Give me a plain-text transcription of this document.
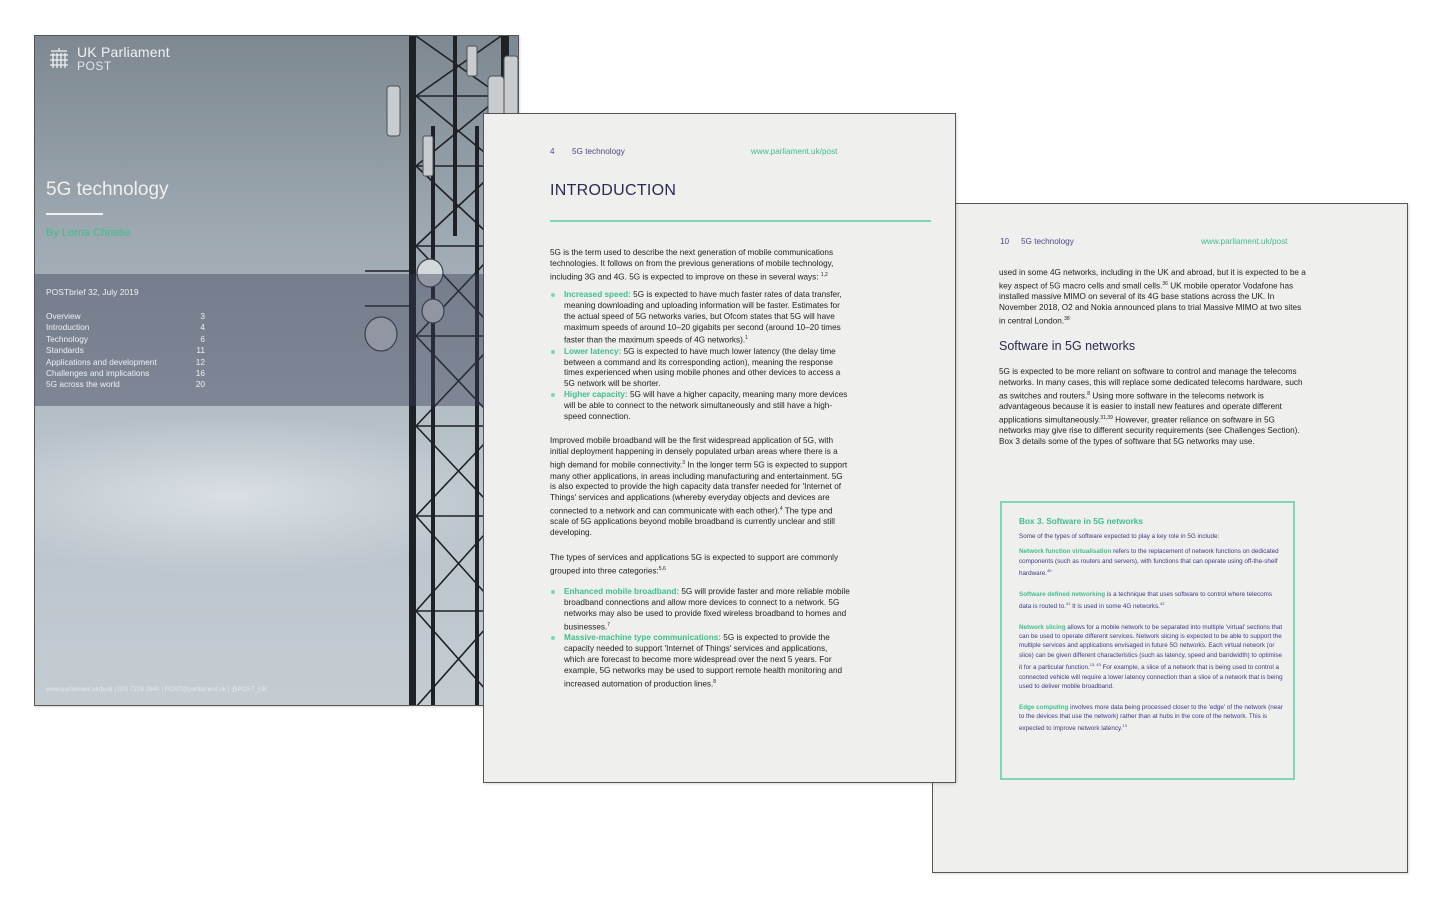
UK Parliament
POST
5G technology
By Lorna Christie
POSTbrief 32, July 2019
Overview	3
Introduction	4
Technology	6
Standards	11
Applications and development	12
Challenges and implications	16
5G across the world	20
www.parliament.uk/post | 020 7219 2840 | POST@parliament.uk | @POST_UK
10 5G technology	www.parliament.uk/post

used in some 4G networks, including in the UK and abroad, but it is expected to be a key aspect of 5G macro cells and small cells.$^{36}$ UK mobile operator Vodafone has installed massive MIMO on several of its 4G base stations across the UK. In November 2018, O2 and Nokia announced plans to trial Massive MIMO at two sites in central London.$^{38}$

Software in 5G networks

5G is expected to be more reliant on software to control and manage the telecoms networks. In many cases, this will replace some dedicated telecoms hardware, such as switches and routers.$^8$ Using more software in the telecoms network is advantageous because it is easier to install new features and operate different applications simultaneously.$^{31,39}$ However, greater reliance on software in 5G networks may give rise to different security requirements (see Challenges Section). Box 3 details some of the types of software that 5G networks may use.

Box 3. Software in 5G networks

Some of the types of software expected to play a key role in 5G include:

Network function virtualisation refers to the replacement of network functions on dedicated components (such as routers and servers), with functions that can operate using off-the-shelf hardware.$^{40}$

Software defined networking is a technique that uses software to control where telecoms data is routed to.$^{41}$ It is used in some 4G networks.$^{42}$

Network slicing allows for a mobile network to be separated into multiple 'virtual' sections that can be used to operate different services. Network slicing is expected to be able to support the multiple services and applications envisaged in future 5G networks. Each virtual network (or slice) can be given different characteristics (such as latency, speed and bandwidth) to optimise it for a particular function.$^{13, 43}$ For example, a slice of a network that is being used to control a connected vehicle will require a lower latency connection than a slice of a network that is being used to deliver mobile broadband.

Edge computing involves more data being processed closer to the 'edge' of the network (near to the devices that use the network) rather than at hubs in the core of the network. This is expected to improve network latency.$^{13}$

4 5G technology	www.parliament.uk/post
INTRODUCTION

5G is the term used to describe the next generation of mobile communications technologies. It follows on from the previous generations of mobile technology, including 3G and 4G. 5G is expected to improve on these in several ways: $^{1,2}$

Increased speed: 5G is expected to have much faster rates of data transfer, meaning downloading and uploading information will be faster. Estimates for the actual speed of 5G networks varies, but Ofcom states that 5G will have maximum speeds of around 10–20 gigabits per second (around 10–20 times faster than the maximum speeds of 4G networks).$^1$

Lower latency: 5G is expected to have much lower latency (the delay time between a command and its corresponding action), meaning the response times experienced when using mobile phones and other devices to access a 5G network will be shorter.

Higher capacity: 5G will have a higher capacity, meaning many more devices will be able to connect to the network simultaneously and still have a high-speed connection.

Improved mobile broadband will be the first widespread application of 5G, with initial deployment happening in densely populated urban areas where there is a high demand for mobile connectivity.$^3$ In the longer term 5G is expected to support many other applications, in areas including manufacturing and entertainment. 5G is also expected to provide the high capacity data transfer needed for 'Internet of Things' services and applications (whereby everyday objects and devices are connected to a network and can communicate with each other).$^4$ The type and scale of 5G applications beyond mobile broadband is currently unclear and still developing.

The types of services and applications 5G is expected to support are commonly grouped into three categories:$^{5,6}$

Enhanced mobile broadband: 5G will provide faster and more reliable mobile broadband connections and allow more devices to connect to a network. 5G networks may also be used to provide fixed wireless broadband to homes and businesses.$^7$

Massive-machine type communications: 5G is expected to provide the capacity needed to support 'Internet of Things' services and applications, which are forecast to become more widespread over the next 5 years. For example, 5G networks may be used to support remote health monitoring and increased automation of production lines.$^8$
